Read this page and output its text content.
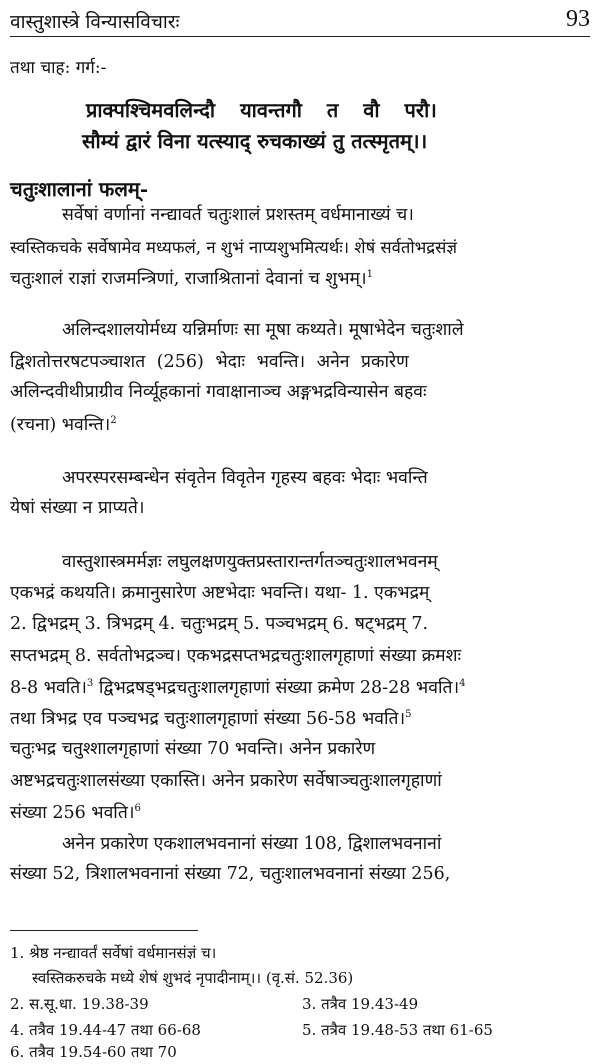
वास्तुशास्त्रे विन्यासविचारः	93
तथा चाह: गर्ग:-
प्राक्पश्चिमवलिन्दौ यावन्तगौ त वौ परौ।
सौम्यं द्वारं विना यत्स्याद् रुचकाख्यं तु तत्स्मृतम्।।
चतुःशालानां फलम्-
सर्वेषां वर्णानां नन्द्यावर्त चतुःशालं प्रशस्तम् वर्धमानाख्यं च।
स्वस्तिकचके सर्वेषामेव मध्यफलं, न शुभं नाप्यशुभमित्यर्थः। शेषं सर्वतोभद्रसंज्ञं
चतुःशालं राज्ञां राजमन्त्रिणां, राजाश्रितानां देवानां च शुभम्।$^1$
अलिन्दशालयोर्मध्य यन्निर्माणः सा मूषा कथ्यते। मूषाभेदेन चतुःशाले
द्विशतोत्तरषटपञ्चाशत (256) भेदाः भवन्ति। अनेन प्रकारेण
अलिन्दवीथीप्राग्रीव निर्व्यूहकानां गवाक्षानाञ्च अङ्गभद्रविन्यासेन बहवः
(रचना) भवन्ति।$^2$
अपरस्परसम्बन्धेन संवृतेन विवृतेन गृहस्य बहवः भेदाः भवन्ति
येषां संख्या न प्राप्यते।
वास्तुशास्त्रमर्मज्ञः लघुलक्षणयुक्तप्रस्तारान्तर्गतञ्चतुःशालभवनम्
एकभद्रं कथयति। क्रमानुसारेण अष्टभेदाः भवन्ति। यथा- 1. एकभद्रम्
2. द्विभद्रम् 3. त्रिभद्रम् 4. चतुःभद्रम् 5. पञ्चभद्रम् 6. षट्भद्रम् 7.
सप्तभद्रम् 8. सर्वतोभद्रञ्च। एकभद्रसप्तभद्रचतुःशालगृहाणां संख्या क्रमशः
8-8 भवति।$^3$ द्विभद्रषड्भद्रचतुःशालगृहाणां संख्या क्रमेण 28-28 भवति।$^4$
तथा त्रिभद्र एव पञ्चभद्र चतुःशालगृहाणां संख्या 56-58 भवति।$^5$
चतुःभद्र चतुश्शालगृहाणां संख्या 70 भवन्ति। अनेन प्रकारेण
अष्टभद्रचतुःशालसंख्या एकास्ति। अनेन प्रकारेण सर्वेषाञ्चतुःशालगृहाणां
संख्या 256 भवति।$^6$
अनेन प्रकारेण एकशालभवनानां संख्या 108, द्विशालभवनानां
संख्या 52, त्रिशालभवनानां संख्या 72, चतुःशालभवनानां संख्या 256,
1. श्रेष्ठ नन्द्यावर्तं सर्वेषां वर्धमानसंज्ञं च।
स्वस्तिकरुचके मध्ये शेषं शुभदं नृपादीनाम्।। (वृ.सं. 52.36)
2. स.सू.धा. 19.38-39	3. तत्रैव 19.43-49
4. तत्रैव 19.44-47 तथा 66-68	5. तत्रैव 19.48-53 तथा 61-65
6. तत्रैव 19.54-60 तथा 70
